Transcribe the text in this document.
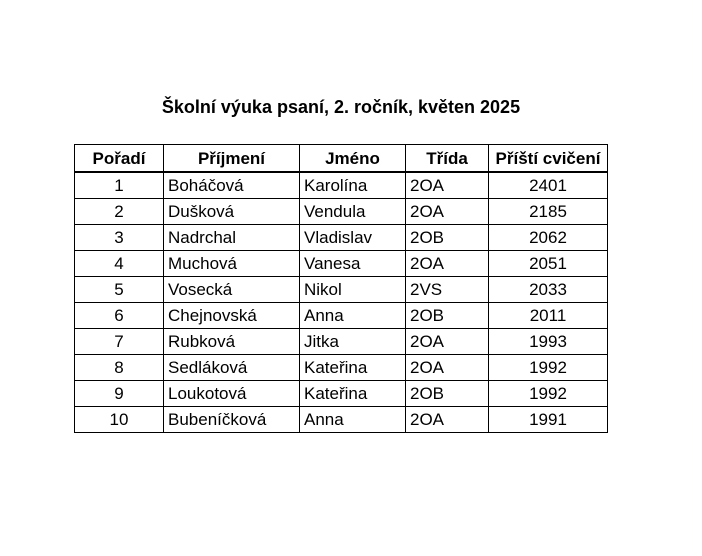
Školní výuka psaní, 2. ročník, květen 2025
Pořadí	Příjmení	Jméno	Třída	Příští cvičení
1	Boháčová	Karolína	2OA	2401
2	Dušková	Vendula	2OA	2185
3	Nadrchal	Vladislav	2OB	2062
4	Muchová	Vanesa	2OA	2051
5	Vosecká	Nikol	2VS	2033
6	Chejnovská	Anna	2OB	2011
7	Rubková	Jitka	2OA	1993
8	Sedláková	Kateřina	2OA	1992
9	Loukotová	Kateřina	2OB	1992
10	Bubeníčková	Anna	2OA	1991
